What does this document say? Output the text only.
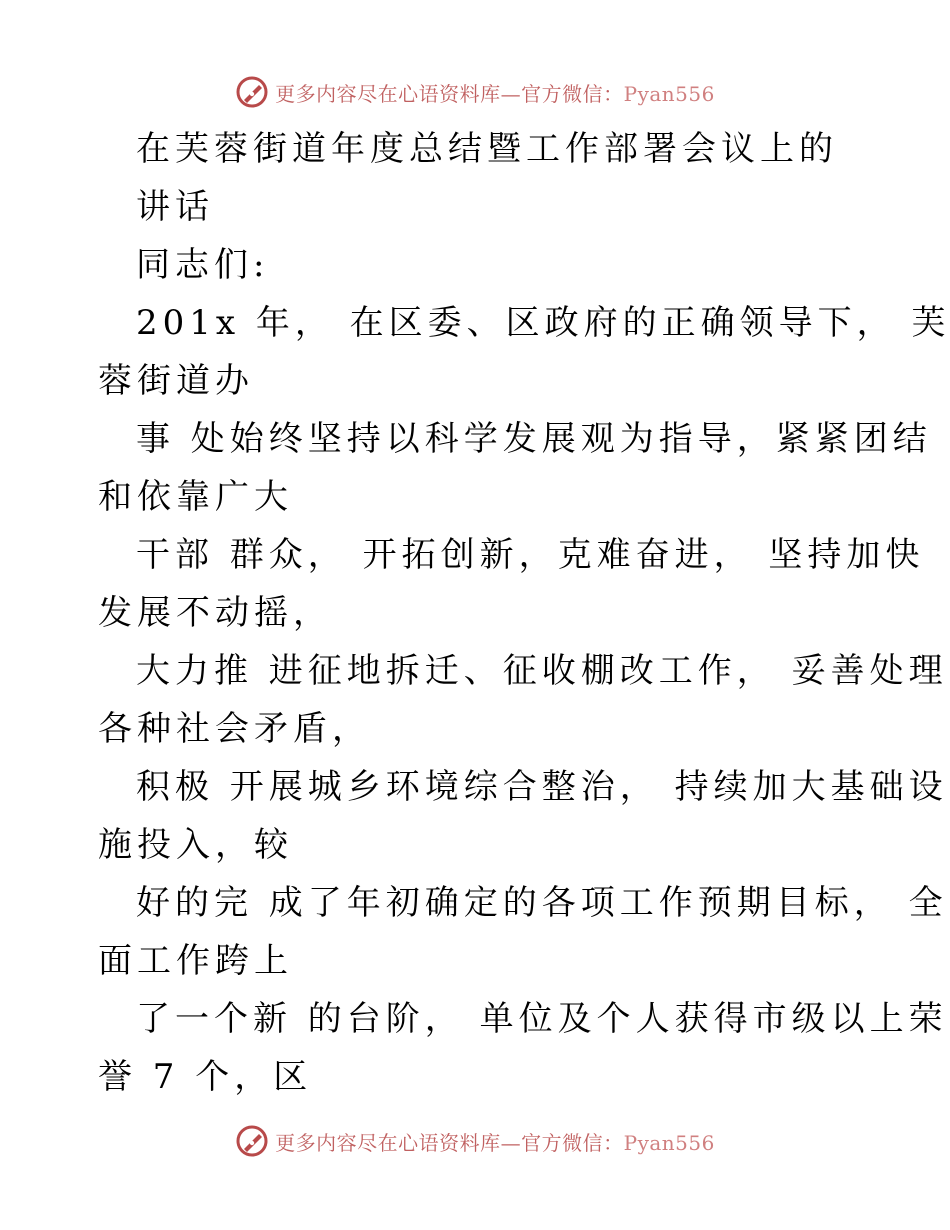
更多内容尽在心语资料库—官方微信：Pyan556
在芙蓉街道年度总结暨工作部署会议上的
讲话
同志们:
201x 年， 在区委、区政府的正确领导下， 芙
蓉街道办
事 处始终坚持以科学发展观为指导，紧紧团结
和依靠广大
干部 群众， 开拓创新，克难奋进， 坚持加快
发展不动摇，
大力推 进征地拆迁、征收棚改工作， 妥善处理
各种社会矛盾，
积极 开展城乡环境综合整治， 持续加大基础设
施投入，较
好的完 成了年初确定的各项工作预期目标， 全
面工作跨上
了一个新 的台阶， 单位及个人获得市级以上荣
誉 7 个，区
更多内容尽在心语资料库—官方微信：Pyan556
